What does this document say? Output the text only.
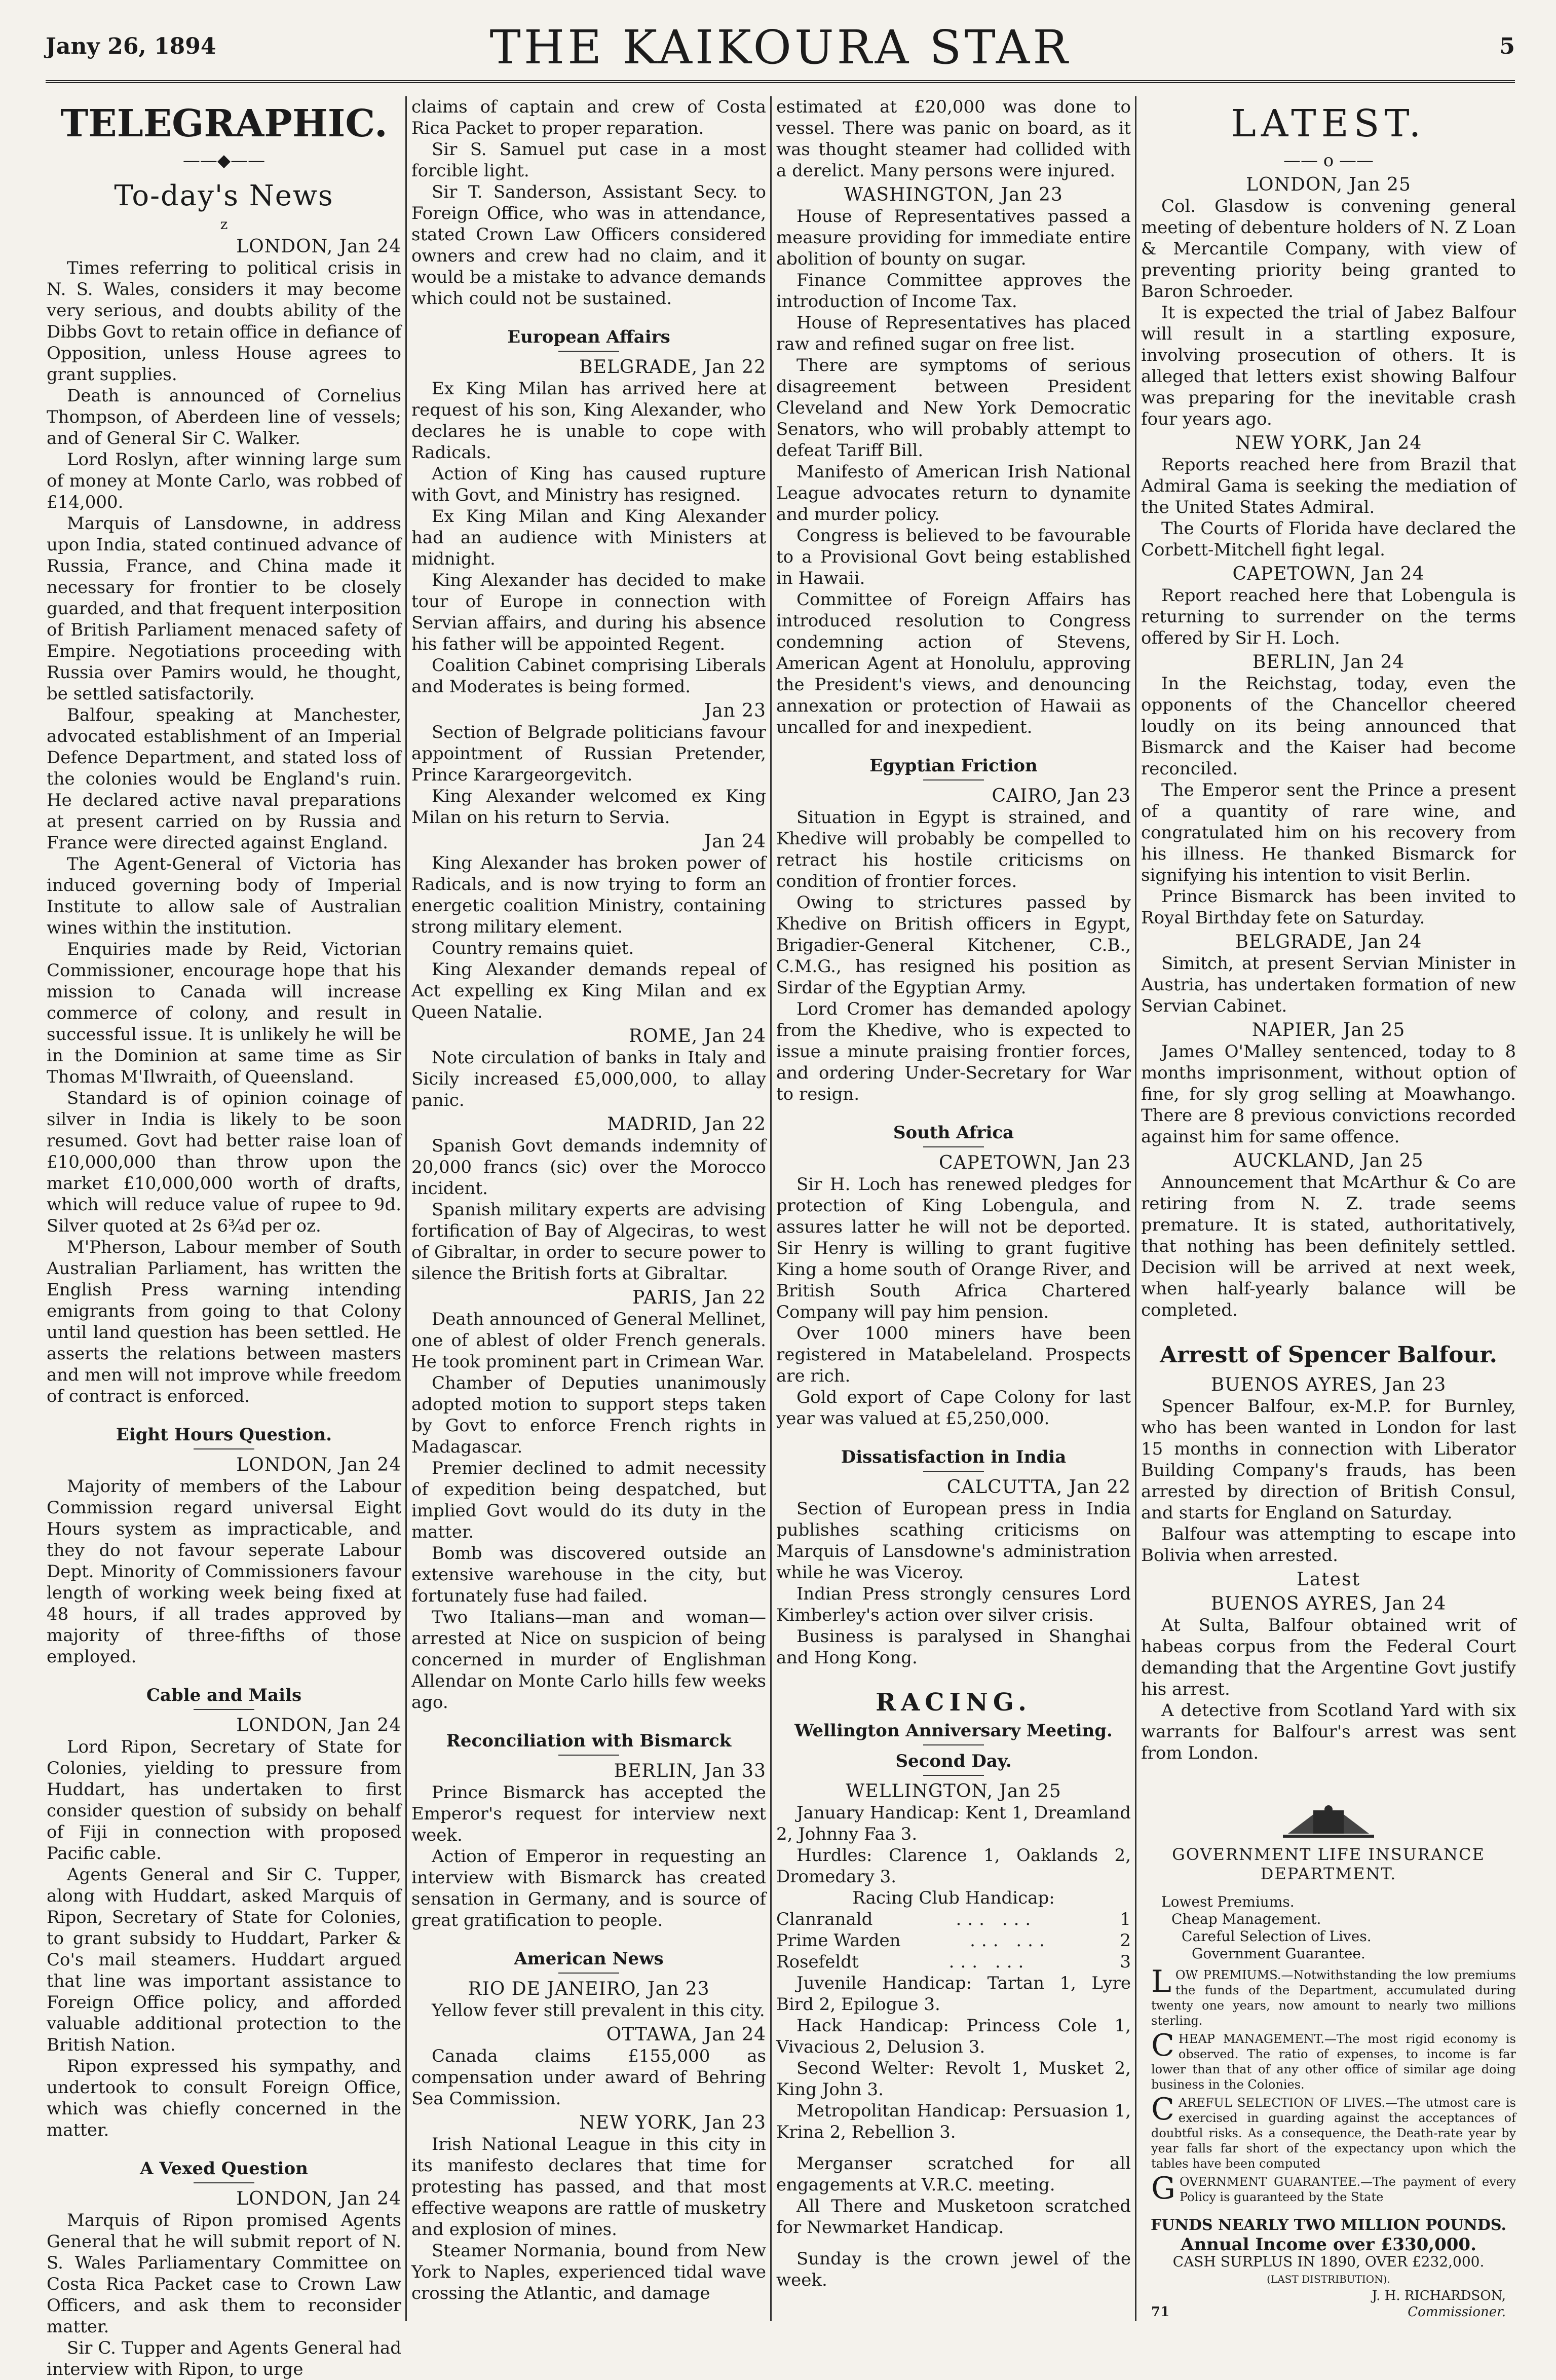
Jany 26, 1894	THE KAIKOURA STAR	5
TELEGRAPHIC.
——◆——
To-day's News
z
LONDON, Jan 24

Times referring to political crisis in N. S. Wales, considers it may become very serious, and doubts ability of the Dibbs Govt to retain office in defiance of Opposition, unless House agrees to grant supplies.

Death is announced of Cornelius Thompson, of Aberdeen line of vessels; and of General Sir C. Walker.

Lord Roslyn, after winning large sum of money at Monte Carlo, was robbed of £14,000.

Marquis of Lansdowne, in address upon India, stated continued advance of Russia, France, and China made it necessary for frontier to be closely guarded, and that frequent interposition of British Parliament menaced safety of Empire. Negotiations proceeding with Russia over Pamirs would, he thought, be settled satisfactorily.

Balfour, speaking at Manchester, advocated establishment of an Imperial Defence Department, and stated loss of the colonies would be England's ruin. He declared active naval preparations at present carried on by Russia and France were directed against England.

The Agent-General of Victoria has induced governing body of Imperial Institute to allow sale of Australian wines within the institution.

Enquiries made by Reid, Victorian Commissioner, encourage hope that his mission to Canada will increase commerce of colony, and result in successful issue. It is unlikely he will be in the Dominion at same time as Sir Thomas M'Ilwraith, of Queensland.

Standard is of opinion coinage of silver in India is likely to be soon resumed. Govt had better raise loan of £10,000,000 than throw upon the market £10,000,000 worth of drafts, which will reduce value of rupee to 9d. Silver quoted at 2s 6¾d per oz.

M'Pherson, Labour member of South Australian Parliament, has written the English Press warning intending emigrants from going to that Colony until land question has been settled. He asserts the relations between masters and men will not improve while freedom of contract is enforced.

Eight Hours Question.
LONDON, Jan 24

Majority of members of the Labour Commission regard universal Eight Hours system as impracticable, and they do not favour seperate Labour Dept. Minority of Commissioners favour length of working week being fixed at 48 hours, if all trades approved by majority of three-fifths of those employed.

Cable and Mails
LONDON, Jan 24

Lord Ripon, Secretary of State for Colonies, yielding to pressure from Huddart, has undertaken to first consider question of subsidy on behalf of Fiji in connection with proposed Pacific cable.

Agents General and Sir C. Tupper, along with Huddart, asked Marquis of Ripon, Secretary of State for Colonies, to grant subsidy to Huddart, Parker & Co's mail steamers. Huddart argued that line was important assistance to Foreign Office policy, and afforded valuable additional protection to the British Nation.

Ripon expressed his sympathy, and undertook to consult Foreign Office, which was chiefly concerned in the matter.

A Vexed Question
LONDON, Jan 24

Marquis of Ripon promised Agents General that he will submit report of N. S. Wales Parliamentary Committee on Costa Rica Packet case to Crown Law Officers, and ask them to reconsider matter.

Sir C. Tupper and Agents General had interview with Ripon, to urge

claims of captain and crew of Costa Rica Packet to proper reparation.

Sir S. Samuel put case in a most forcible light.

Sir T. Sanderson, Assistant Secy. to Foreign Office, who was in attendance, stated Crown Law Officers considered owners and crew had no claim, and it would be a mistake to advance demands which could not be sustained.

European Affairs
BELGRADE, Jan 22

Ex King Milan has arrived here at request of his son, King Alexander, who declares he is unable to cope with Radicals.

Action of King has caused rupture with Govt, and Ministry has resigned.

Ex King Milan and King Alexander had an audience with Ministers at midnight.

King Alexander has decided to make tour of Europe in connection with Servian affairs, and during his absence his father will be appointed Regent.

Coalition Cabinet comprising Liberals and Moderates is being formed.

Jan 23

Section of Belgrade politicians favour appointment of Russian Pretender, Prince Karargeorgevitch.

King Alexander welcomed ex King Milan on his return to Servia.

Jan 24

King Alexander has broken power of Radicals, and is now trying to form an energetic coalition Ministry, containing strong military element.

Country remains quiet.

King Alexander demands repeal of Act expelling ex King Milan and ex Queen Natalie.

ROME, Jan 24

Note circulation of banks in Italy and Sicily increased £5,000,000, to allay panic.

MADRID, Jan 22

Spanish Govt demands indemnity of 20,000 francs (sic) over the Morocco incident.

Spanish military experts are advising fortification of Bay of Algeciras, to west of Gibraltar, in order to secure power to silence the British forts at Gibraltar.

PARIS, Jan 22

Death announced of General Mellinet, one of ablest of older French generals. He took prominent part in Crimean War.

Chamber of Deputies unanimously adopted motion to support steps taken by Govt to enforce French rights in Madagascar.

Premier declined to admit necessity of expedition being despatched, but implied Govt would do its duty in the matter.

Bomb was discovered outside an extensive warehouse in the city, but fortunately fuse had failed.

Two Italians—man and woman—arrested at Nice on suspicion of being concerned in murder of Englishman Allendar on Monte Carlo hills few weeks ago.

Reconciliation with Bismarck
BERLIN, Jan 33

Prince Bismarck has accepted the Emperor's request for interview next week.

Action of Emperor in requesting an interview with Bismarck has created sensation in Germany, and is source of great gratification to people.

American News
RIO DE JANEIRO, Jan 23

Yellow fever still prevalent in this city.

OTTAWA, Jan 24

Canada claims £155,000 as compensation under award of Behring Sea Commission.

NEW YORK, Jan 23

Irish National League in this city in its manifesto declares that time for protesting has passed, and that most effective weapons are rattle of musketry and explosion of mines.

Steamer Normania, bound from New York to Naples, experienced tidal wave crossing the Atlantic, and damage

estimated at £20,000 was done to vessel. There was panic on board, as it was thought steamer had collided with a derelict. Many persons were injured.

WASHINGTON, Jan 23

House of Representatives passed a measure providing for immediate entire abolition of bounty on sugar.

Finance Committee approves the introduction of Income Tax.

House of Representatives has placed raw and refined sugar on free list.

There are symptoms of serious disagreement between President Cleveland and New York Democratic Senators, who will probably attempt to defeat Tariff Bill.

Manifesto of American Irish National League advocates return to dynamite and murder policy.

Congress is believed to be favourable to a Provisional Govt being established in Hawaii.

Committee of Foreign Affairs has introduced resolution to Congress condemning action of Stevens, American Agent at Honolulu, approving the President's views, and denouncing annexation or protection of Hawaii as uncalled for and inexpedient.

Egyptian Friction
CAIRO, Jan 23

Situation in Egypt is strained, and Khedive will probably be compelled to retract his hostile criticisms on condition of frontier forces.

Owing to strictures passed by Khedive on British officers in Egypt, Brigadier-General Kitchener, C.B., C.M.G., has resigned his position as Sirdar of the Egyptian Army.

Lord Cromer has demanded apology from the Khedive, who is expected to issue a minute praising frontier forces, and ordering Under-Secretary for War to resign.

South Africa
CAPETOWN, Jan 23

Sir H. Loch has renewed pledges for protection of King Lobengula, and assures latter he will not be deported. Sir Henry is willing to grant fugitive King a home south of Orange River, and British South Africa Chartered Company will pay him pension.

Over 1000 miners have been registered in Matabeleland. Prospects are rich.

Gold export of Cape Colony for last year was valued at £5,250,000.

Dissatisfaction in India
CALCUTTA, Jan 22

Section of European press in India publishes scathing criticisms on Marquis of Lansdowne's administration while he was Viceroy.

Indian Press strongly censures Lord Kimberley's action over silver crisis.

Business is paralysed in Shanghai and Hong Kong.

RACING.
Wellington Anniversary Meeting.
Second Day.
WELLINGTON, Jan 25

January Handicap: Kent 1, Dreamland 2, Johnny Faa 3.

Hurdles: Clarence 1, Oaklands 2, Dromedary 3.

Racing Club Handicap:
Clanranald	... ...	1
Prime Warden	... ...	2
Rosefeldt	... ...	3

Juvenile Handicap: Tartan 1, Lyre Bird 2, Epilogue 3.

Hack Handicap: Princess Cole 1, Vivacious 2, Delusion 3.

Second Welter: Revolt 1, Musket 2, King John 3.

Metropolitan Handicap: Persuasion 1, Krina 2, Rebellion 3.

Merganser scratched for all engagements at V.R.C. meeting.

All There and Musketoon scratched for Newmarket Handicap.

Sunday is the crown jewel of the week.

LATEST.
—— o ——
LONDON, Jan 25

Col. Glasdow is convening general meeting of debenture holders of N. Z Loan & Mercantile Company, with view of preventing priority being granted to Baron Schroeder.

It is expected the trial of Jabez Balfour will result in a startling exposure, involving prosecution of others. It is alleged that letters exist showing Balfour was preparing for the inevitable crash four years ago.

NEW YORK, Jan 24

Reports reached here from Brazil that Admiral Gama is seeking the mediation of the United States Admiral.

The Courts of Florida have declared the Corbett-Mitchell fight legal.

CAPETOWN, Jan 24

Report reached here that Lobengula is returning to surrender on the terms offered by Sir H. Loch.

BERLIN, Jan 24

In the Reichstag, today, even the opponents of the Chancellor cheered loudly on its being announced that Bismarck and the Kaiser had become reconciled.

The Emperor sent the Prince a present of a quantity of rare wine, and congratulated him on his recovery from his illness. He thanked Bismarck for signifying his intention to visit Berlin.

Prince Bismarck has been invited to Royal Birthday fete on Saturday.

BELGRADE, Jan 24

Simitch, at present Servian Minister in Austria, has undertaken formation of new Servian Cabinet.

NAPIER, Jan 25

James O'Malley sentenced, today to 8 months imprisonment, without option of fine, for sly grog selling at Moawhango. There are 8 previous convictions recorded against him for same offence.

AUCKLAND, Jan 25

Announcement that McArthur & Co are retiring from N. Z. trade seems premature. It is stated, authoritatively, that nothing has been definitely settled. Decision will be arrived at next week, when half-yearly balance will be completed.

Arrestt of Spencer Balfour.
BUENOS AYRES, Jan 23

Spencer Balfour, ex-M.P. for Burnley, who has been wanted in London for last 15 months in connection with Liberator Building Company's frauds, has been arrested by direction of British Consul, and starts for England on Saturday.

Balfour was attempting to escape into Bolivia when arrested.

Latest
BUENOS AYRES, Jan 24

At Sulta, Balfour obtained writ of habeas corpus from the Federal Court demanding that the Argentine Govt justify his arrest.

A detective from Scotland Yard with six warrants for Balfour's arrest was sent from London.

GOVERNMENT LIFE INSURANCE
DEPARTMENT.
Lowest Premiums.
Cheap Management.
Careful Selection of Lives.
Government Guarantee.
LOW PREMIUMS.—Notwithstanding the low premiums the funds of the Department, accumulated during twenty one years, now amount to nearly two millions sterling.
CHEAP MANAGEMENT.—The most rigid economy is observed. The ratio of expenses, to income is far lower than that of any other office of similar age doing business in the Colonies.
CAREFUL SELECTION OF LIVES.—The utmost care is exercised in guarding against the acceptances of doubtful risks. As a consequence, the Death-rate year by year falls far short of the expectancy upon which the tables have been computed
GOVERNMENT GUARANTEE.—The payment of every Policy is guaranteed by the State
FUNDS NEARLY TWO MILLION POUNDS.
Annual Income over £330,000.
CASH SURPLUS IN 1890, OVER £232,000.
(LAST DISTRIBUTION).
J. H. RICHARDSON,
71	Commissioner.
